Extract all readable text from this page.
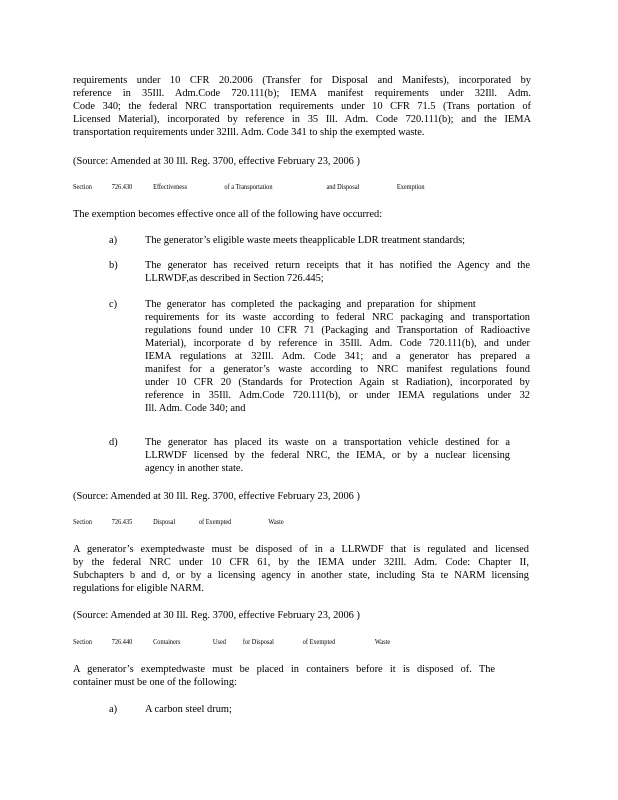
requirements under 10 CFR 20.2006 (Transfer for Disposal and Manifests), incorporated by
reference in 35Ill. Adm.Code 720.111(b); IEMA manifest requirements under 32Ill. Adm.
Code 340; the federal NRC transportation requirements under 10 CFR 71.5 (Trans portation of
Licensed Material), incorporated by reference in 35 Ill. Adm. Code 720.111(b); and the IEMA
transportation requirements under 32Ill. Adm. Code 341 to ship the exempted waste.
(Source: Amended at 30 Ill. Reg. 3700, effective February 23, 2006 )
Section	726.430	Effectiveness	of a Transportation	and Disposal	Exemption
The exemption becomes effective once all of the following have occurred:
a)	The generator’s eligible waste meets theapplicable LDR treatment standards;
b)	The generator has received return receipts that it has notified the Agency and the
LLRWDF,as described in Section 726.445;
c)	The generator has completed the packaging and preparation for shipment
requirements for its waste according to federal NRC packaging and transportation
regulations found under 10 CFR 71 (Packaging and Transportation of Radioactive
Material), incorporate d by reference in 35Ill. Adm. Code 720.111(b), and under
IEMA regulations at 32Ill. Adm. Code 341; and a generator has prepared a
manifest for a generator’s waste according to NRC manifest regulations found
under 10 CFR 20 (Standards for Protection Again st Radiation), incorporated by
reference in 35Ill. Adm.Code 720.111(b), or under IEMA regulations under 32
Ill. Adm. Code 340; and
d)	The generator has placed its waste on a transportation vehicle destined for a
LLRWDF licensed by the federal NRC, the IEMA, or by a nuclear licensing
agency in another state.
(Source: Amended at 30 Ill. Reg. 3700, effective February 23, 2006 )
Section	726.435	Disposal	of Exempted	Waste
A generator’s exemptedwaste must be disposed of in a LLRWDF that is regulated and licensed
by the federal NRC under 10 CFR 61, by the IEMA under 32Ill. Adm. Code: Chapter II,
Subchapters b and d, or by a licensing agency in another state, including Sta te NARM licensing
regulations for eligible NARM.
(Source: Amended at 30 Ill. Reg. 3700, effective February 23, 2006 )
Section	726.440	Containers	Used for Disposal	of Exempted	Waste
A generator’s exemptedwaste must be placed in containers before it is disposed of. The
container must be one of the following:
a)	A carbon steel drum;
